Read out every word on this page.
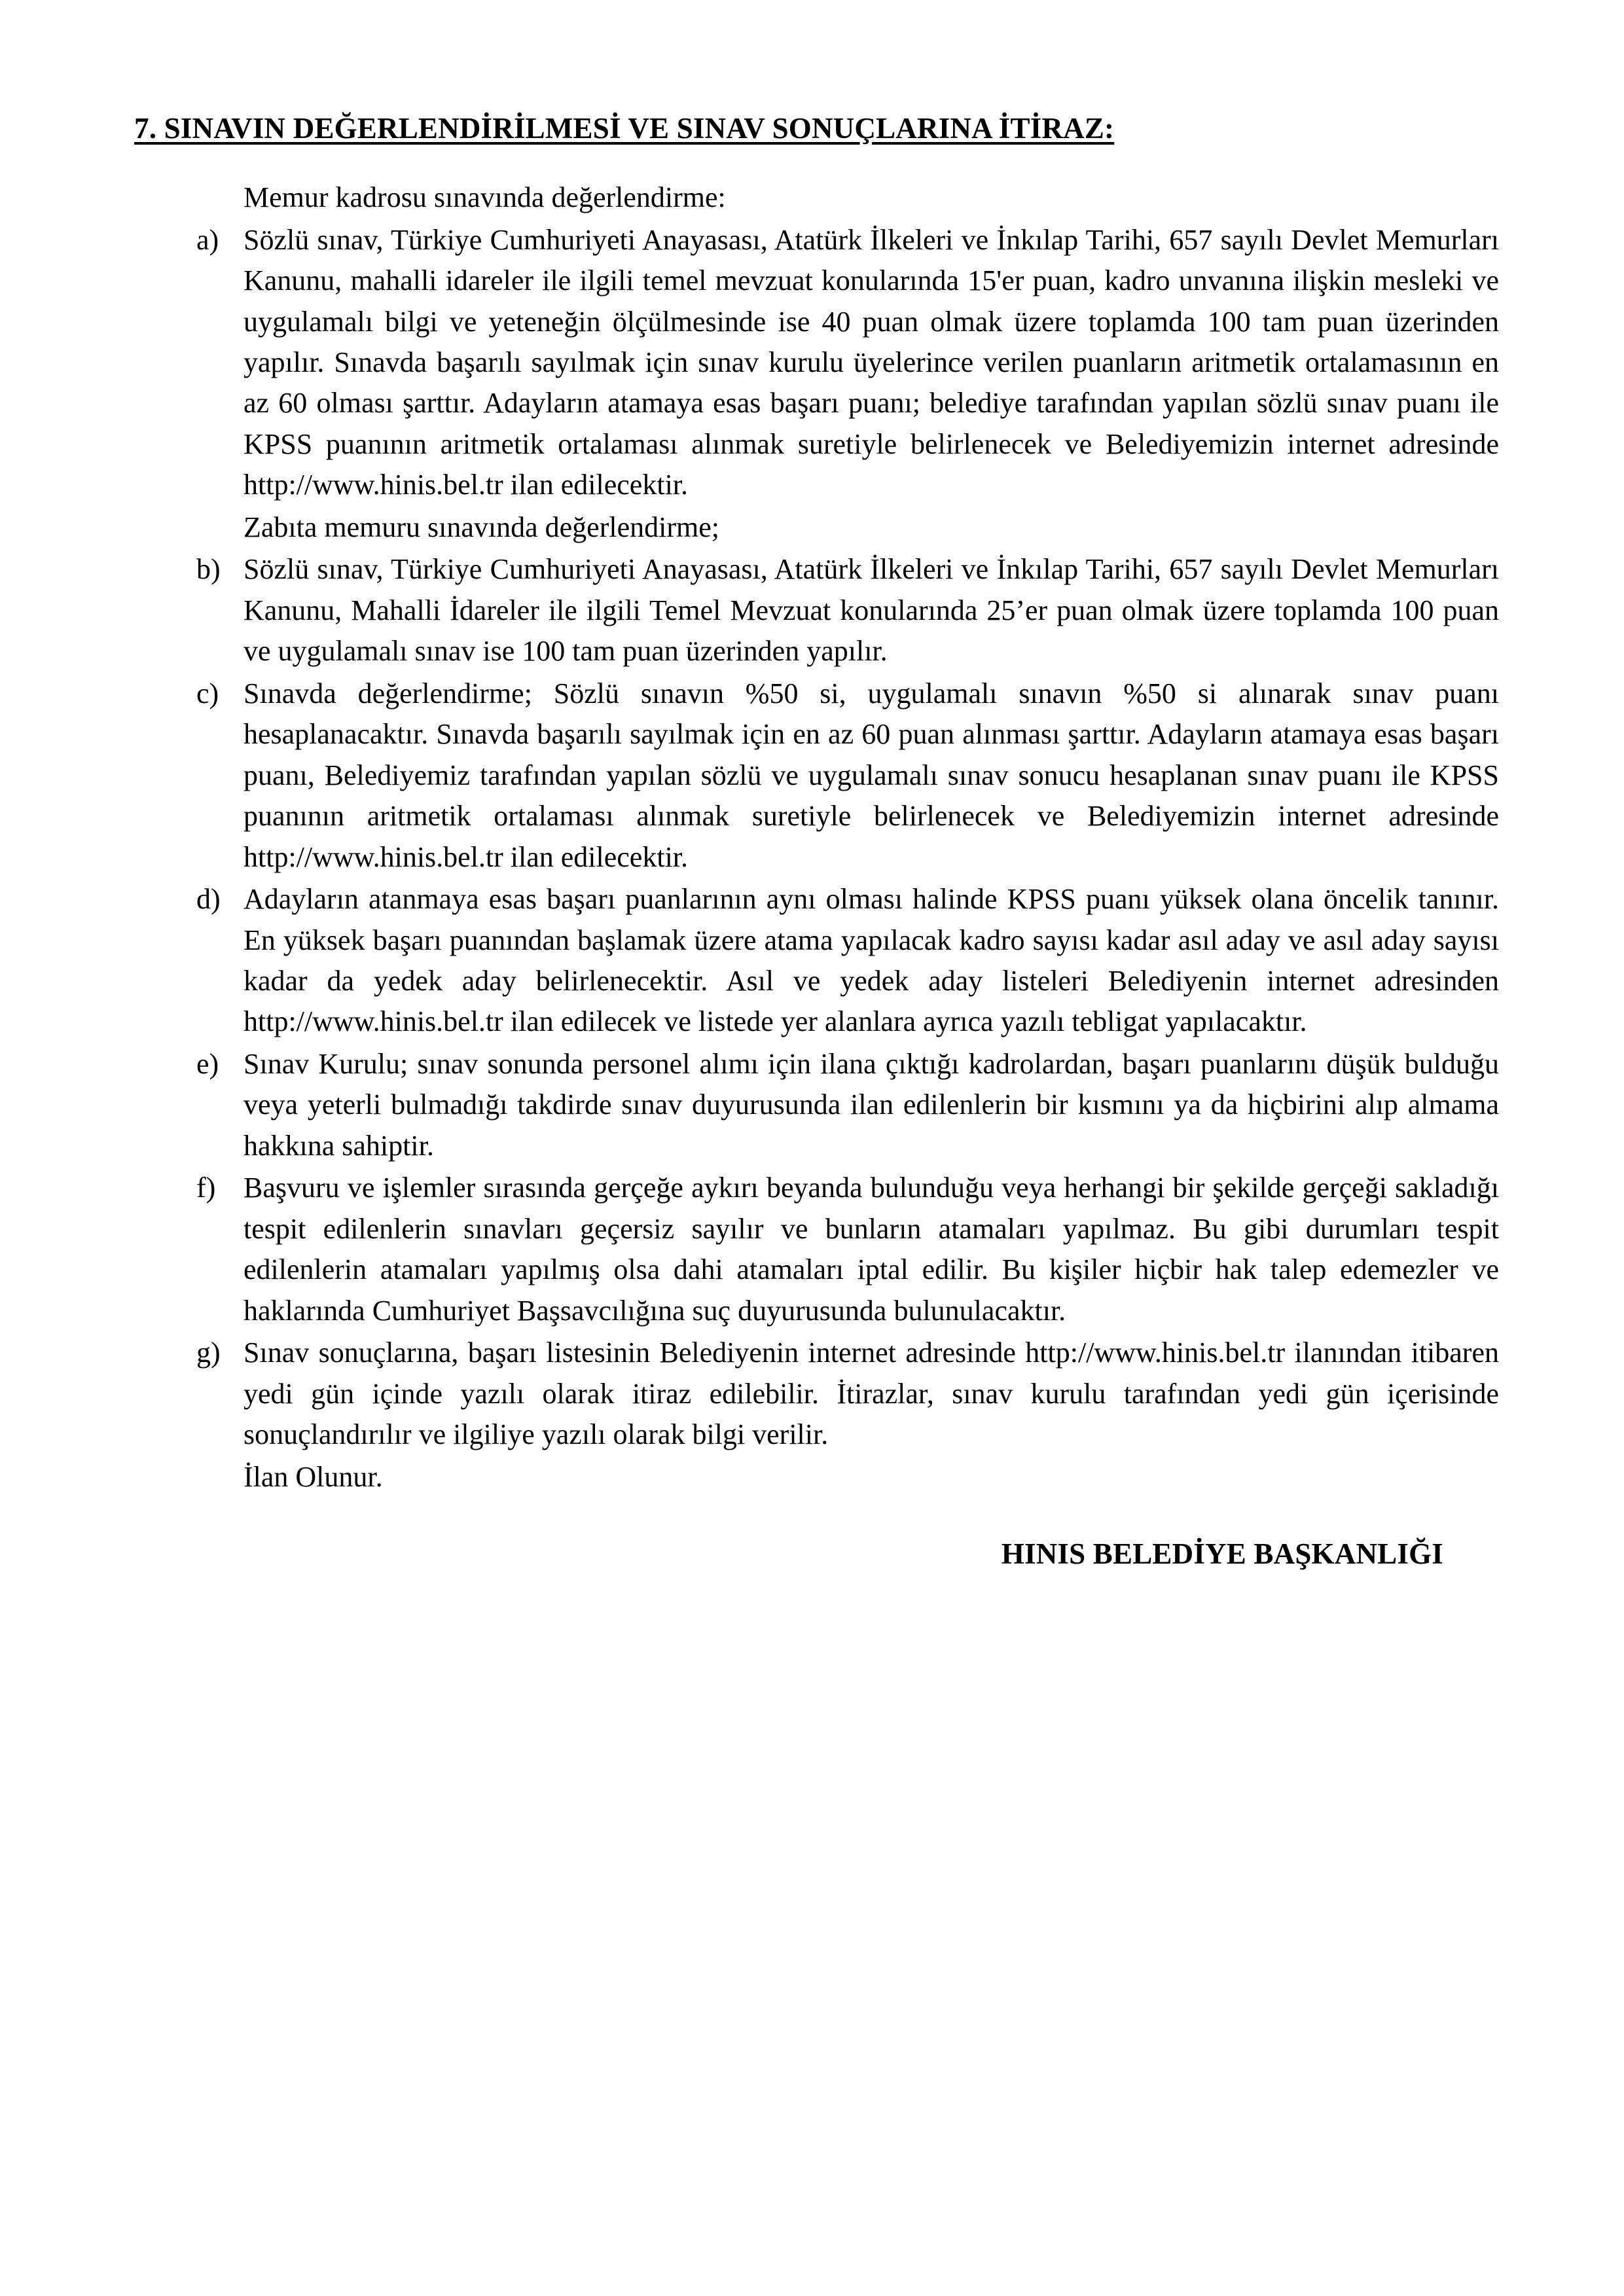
7. SINAVIN DEĞERLENDİRİLMESİ VE SINAV SONUÇLARINA İTİRAZ:
Memur kadrosu sınavında değerlendirme:
a) Sözlü sınav, Türkiye Cumhuriyeti Anayasası, Atatürk İlkeleri ve İnkılap Tarihi, 657 sayılı Devlet Memurları Kanunu, mahalli idareler ile ilgili temel mevzuat konularında 15'er puan, kadro unvanına ilişkin mesleki ve uygulamalı bilgi ve yeteneğin ölçülmesinde ise 40 puan olmak üzere toplamda 100 tam puan üzerinden yapılır. Sınavda başarılı sayılmak için sınav kurulu üyelerince verilen puanların aritmetik ortalamasının en az 60 olması şarttır. Adayların atamaya esas başarı puanı; belediye tarafından yapılan sözlü sınav puanı ile KPSS puanının aritmetik ortalaması alınmak suretiyle belirlenecek ve Belediyemizin internet adresinde http://www.hinis.bel.tr ilan edilecektir.
Zabıta memuru sınavında değerlendirme;
b) Sözlü sınav, Türkiye Cumhuriyeti Anayasası, Atatürk İlkeleri ve İnkılap Tarihi, 657 sayılı Devlet Memurları Kanunu, Mahalli İdareler ile ilgili Temel Mevzuat konularında 25’er puan olmak üzere toplamda 100 puan ve uygulamalı sınav ise 100 tam puan üzerinden yapılır.
c) Sınavda değerlendirme; Sözlü sınavın %50 si, uygulamalı sınavın %50 si alınarak sınav puanı hesaplanacaktır. Sınavda başarılı sayılmak için en az 60 puan alınması şarttır. Adayların atamaya esas başarı puanı, Belediyemiz tarafından yapılan sözlü ve uygulamalı sınav sonucu hesaplanan sınav puanı ile KPSS puanının aritmetik ortalaması alınmak suretiyle belirlenecek ve Belediyemizin internet adresinde http://www.hinis.bel.tr ilan edilecektir.
d) Adayların atanmaya esas başarı puanlarının aynı olması halinde KPSS puanı yüksek olana öncelik tanınır. En yüksek başarı puanından başlamak üzere atama yapılacak kadro sayısı kadar asıl aday ve asıl aday sayısı kadar da yedek aday belirlenecektir. Asıl ve yedek aday listeleri Belediyenin internet adresinden http://www.hinis.bel.tr ilan edilecek ve listede yer alanlara ayrıca yazılı tebligat yapılacaktır.
e) Sınav Kurulu; sınav sonunda personel alımı için ilana çıktığı kadrolardan, başarı puanlarını düşük bulduğu veya yeterli bulmadığı takdirde sınav duyurusunda ilan edilenlerin bir kısmını ya da hiçbirini alıp almama hakkına sahiptir.
f) Başvuru ve işlemler sırasında gerçeğe aykırı beyanda bulunduğu veya herhangi bir şekilde gerçeği sakladığı tespit edilenlerin sınavları geçersiz sayılır ve bunların atamaları yapılmaz. Bu gibi durumları tespit edilenlerin atamaları yapılmış olsa dahi atamaları iptal edilir. Bu kişiler hiçbir hak talep edemezler ve haklarında Cumhuriyet Başsavcılığına suç duyurusunda bulunulacaktır.
g) Sınav sonuçlarına, başarı listesinin Belediyenin internet adresinde http://www.hinis.bel.tr ilanından itibaren yedi gün içinde yazılı olarak itiraz edilebilir. İtirazlar, sınav kurulu tarafından yedi gün içerisinde sonuçlandırılır ve ilgiliye yazılı olarak bilgi verilir.
İlan Olunur.
HINIS BELEDİYE BAŞKANLIĞI
